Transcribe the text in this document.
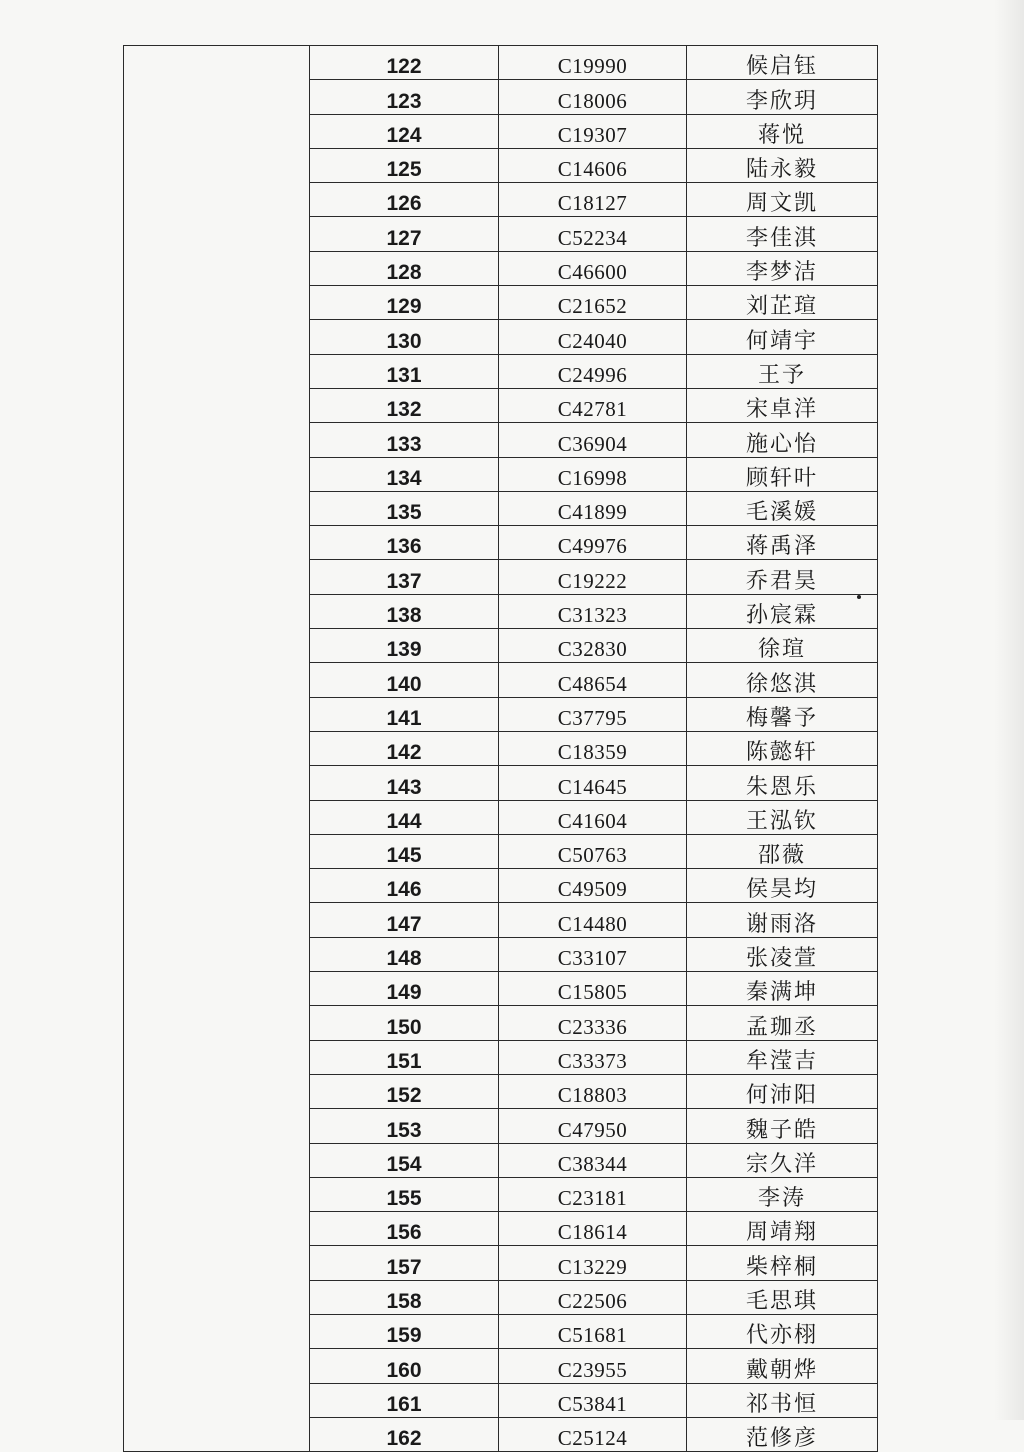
	122	C19990	候启钰
	123	C18006	李欣玥
	124	C19307	蒋悦
	125	C14606	陆永毅
	126	C18127	周文凯
	127	C52234	李佳淇
	128	C46600	李梦洁
	129	C21652	刘芷瑄
	130	C24040	何靖宇
	131	C24996	王予
	132	C42781	宋卓洋
	133	C36904	施心怡
	134	C16998	顾轩叶
	135	C41899	毛溪媛
	136	C49976	蒋禹泽
	137	C19222	乔君昊
	138	C31323	孙宸霖
	139	C32830	徐瑄
	140	C48654	徐悠淇
	141	C37795	梅馨予
	142	C18359	陈懿轩
	143	C14645	朱恩乐
	144	C41604	王泓钦
	145	C50763	邵薇
	146	C49509	侯昊均
	147	C14480	谢雨洛
	148	C33107	张凌萱
	149	C15805	秦满坤
	150	C23336	孟珈丞
	151	C33373	牟滢吉
	152	C18803	何沛阳
	153	C47950	魏子皓
	154	C38344	宗久洋
	155	C23181	李涛
	156	C18614	周靖翔
	157	C13229	柴梓桐
	158	C22506	毛思琪
	159	C51681	代亦栩
	160	C23955	戴朝烨
	161	C53841	祁书恒
	162	C25124	范修彦
